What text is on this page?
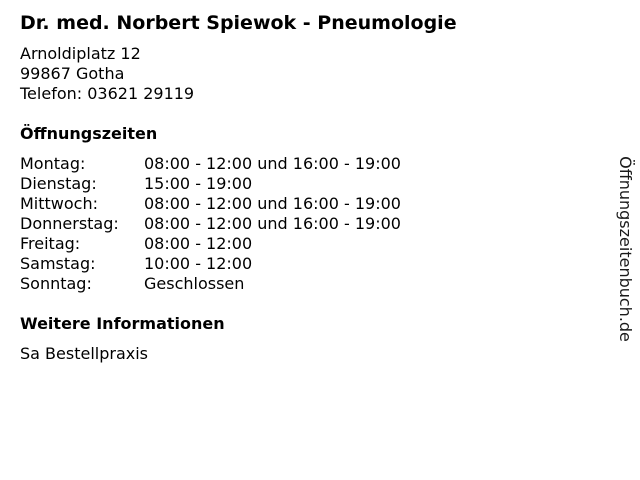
Dr. med. Norbert Spiewok - Pneumologie
Arnoldiplatz 12
99867 Gotha
Telefon: 03621 29119
Öffnungszeiten
Montag:	08:00 - 12:00 und 16:00 - 19:00
Dienstag:	15:00 - 19:00
Mittwoch:	08:00 - 12:00 und 16:00 - 19:00
Donnerstag: 08:00 - 12:00 und 16:00 - 19:00
Freitag:	08:00 - 12:00
Samstag:	10:00 - 12:00
Sonntag:	Geschlossen
Weitere Informationen
Sa Bestellpraxis
Öffnungszeitenbuch.de
